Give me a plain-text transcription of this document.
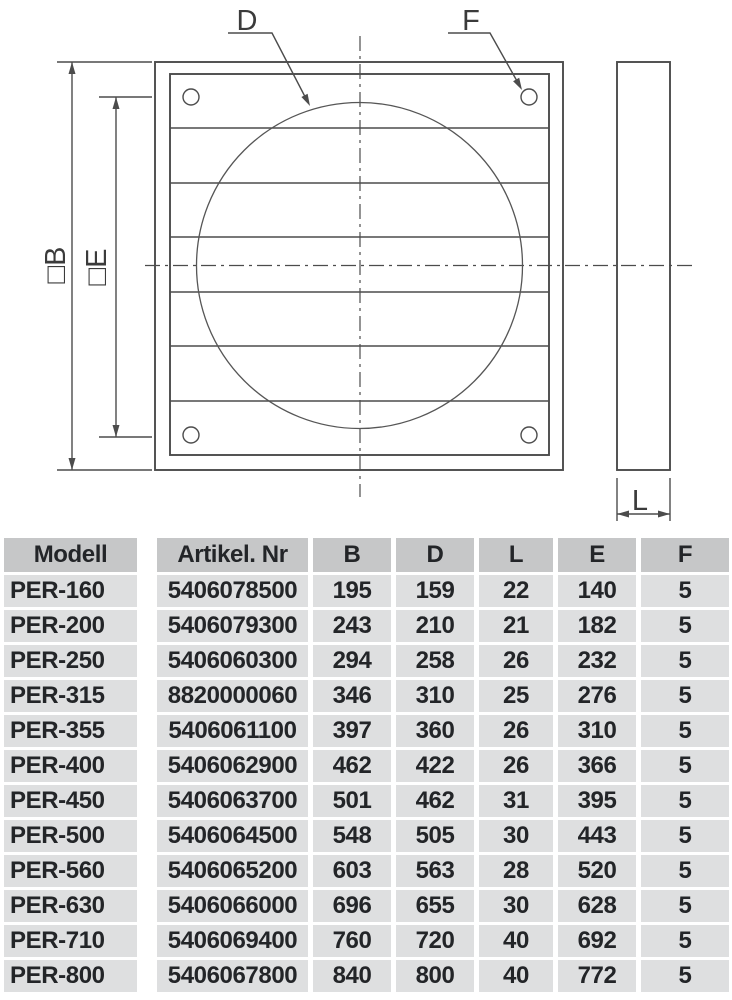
□B □E
D	F
L
Modell	Artikel. Nr	B	D	L	E	F
PER-160	5406078500	195	159	22	140	5
PER-200	5406079300	243	210	21	182	5
PER-250	5406060300	294	258	26	232	5
PER-315	8820000060	346	310	25	276	5
PER-355	5406061100	397	360	26	310	5
PER-400	5406062900	462	422	26	366	5
PER-450	5406063700	501	462	31	395	5
PER-500	5406064500	548	505	30	443	5
PER-560	5406065200	603	563	28	520	5
PER-630	5406066000	696	655	30	628	5
PER-710	5406069400	760	720	40	692	5
PER-800	5406067800	840	800	40	772	5
